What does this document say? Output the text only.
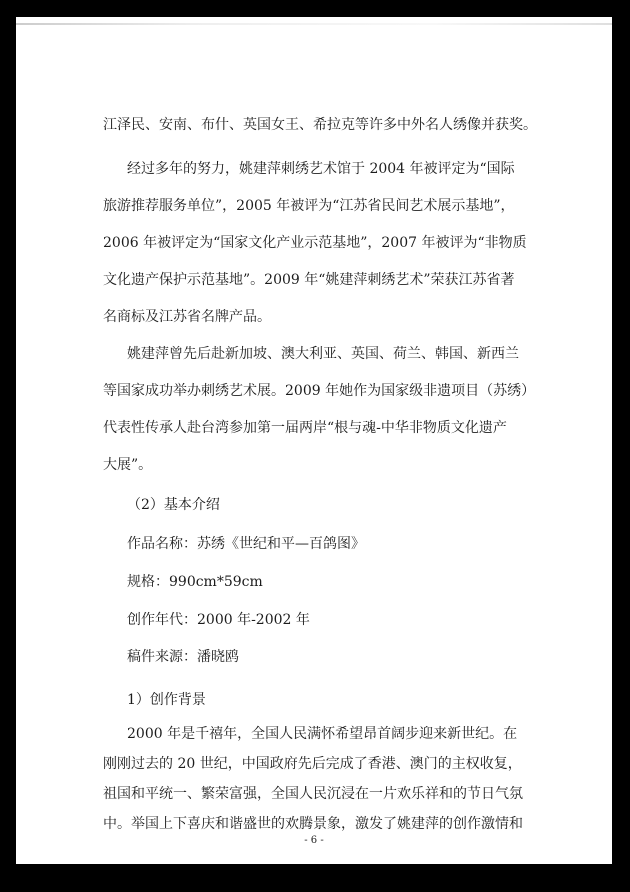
江泽民、安南、布什、英国女王、希拉克等许多中外名人绣像并获奖。
经过多年的努力，姚建萍刺绣艺术馆于 2004 年被评定为“国际
旅游推荐服务单位”，2005 年被评为“江苏省民间艺术展示基地”，
2006 年被评定为“国家文化产业示范基地”，2007 年被评为“非物质
文化遗产保护示范基地”。2009 年“姚建萍刺绣艺术”荣获江苏省著
名商标及江苏省名牌产品。
姚建萍曾先后赴新加坡、澳大利亚、英国、荷兰、韩国、新西兰
等国家成功举办刺绣艺术展。2009 年她作为国家级非遗项目（苏绣）
代表性传承人赴台湾参加第一届两岸“根与魂-中华非物质文化遗产
大展”。
（2）基本介绍
作品名称：苏绣《世纪和平—百鸽图》
规格：990cm*59cm
创作年代：2000 年-2002 年
稿件来源：潘晓鸥
1）创作背景
2000 年是千禧年，全国人民满怀希望昂首阔步迎来新世纪。在
刚刚过去的 20 世纪，中国政府先后完成了香港、澳门的主权收复，
祖国和平统一、繁荣富强，全国人民沉浸在一片欢乐祥和的节日气氛
中。举国上下喜庆和谐盛世的欢腾景象，激发了姚建萍的创作激情和
- 6 -
